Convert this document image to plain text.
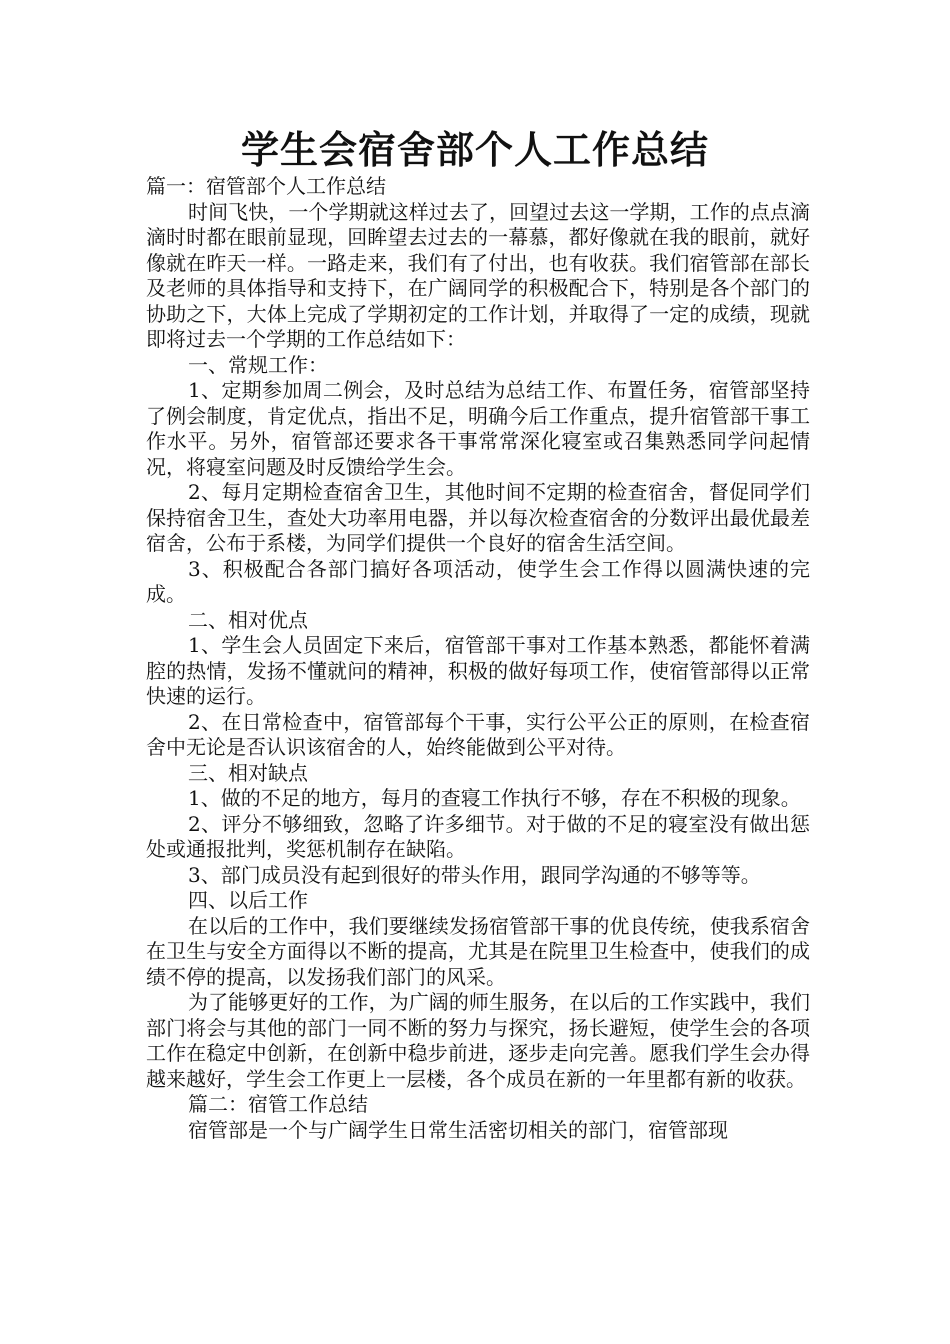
学生会宿舍部个人工作总结

篇一：宿管部个人工作总结

时间飞快，一个学期就这样过去了，回望过去这一学期，工作的点点滴滴时时都在眼前显现，回眸望去过去的一幕慕，都好像就在我的眼前，就好像就在昨天一样。一路走来，我们有了付出，也有收获。我们宿管部在部长及老师的具体指导和支持下，在广阔同学的积极配合下，特别是各个部门的协助之下，大体上完成了学期初定的工作计划，并取得了一定的成绩，现就即将过去一个学期的工作总结如下：

一、常规工作：

1、定期参加周二例会，及时总结为总结工作、布置任务，宿管部坚持了例会制度，肯定优点，指出不足，明确今后工作重点，提升宿管部干事工作水平。另外，宿管部还要求各干事常常深化寝室或召集熟悉同学问起情况，将寝室问题及时反馈给学生会。

2、每月定期检查宿舍卫生，其他时间不定期的检查宿舍，督促同学们保持宿舍卫生，查处大功率用电器，并以每次检查宿舍的分数评出最优最差宿舍，公布于系楼，为同学们提供一个良好的宿舍生活空间。

3、积极配合各部门搞好各项活动，使学生会工作得以圆满快速的完成。

二、相对优点

1、学生会人员固定下来后，宿管部干事对工作基本熟悉，都能怀着满腔的热情，发扬不懂就问的精神，积极的做好每项工作，使宿管部得以正常快速的运行。

2、在日常检查中，宿管部每个干事，实行公平公正的原则，在检查宿舍中无论是否认识该宿舍的人，始终能做到公平对待。

三、相对缺点

1、做的不足的地方，每月的查寝工作执行不够，存在不积极的现象。

2、评分不够细致，忽略了许多细节。对于做的不足的寝室没有做出惩处或通报批判，奖惩机制存在缺陷。

3、部门成员没有起到很好的带头作用，跟同学沟通的不够等等。

四、以后工作

在以后的工作中，我们要继续发扬宿管部干事的优良传统，使我系宿舍在卫生与安全方面得以不断的提高，尤其是在院里卫生检查中，使我们的成绩不停的提高，以发扬我们部门的风采。

为了能够更好的工作，为广阔的师生服务，在以后的工作实践中，我们部门将会与其他的部门一同不断的努力与探究，扬长避短，使学生会的各项工作在稳定中创新，在创新中稳步前进，逐步走向完善。愿我们学生会办得越来越好，学生会工作更上一层楼，各个成员在新的一年里都有新的收获。

篇二：宿管工作总结

宿管部是一个与广阔学生日常生活密切相关的部门，宿管部现
